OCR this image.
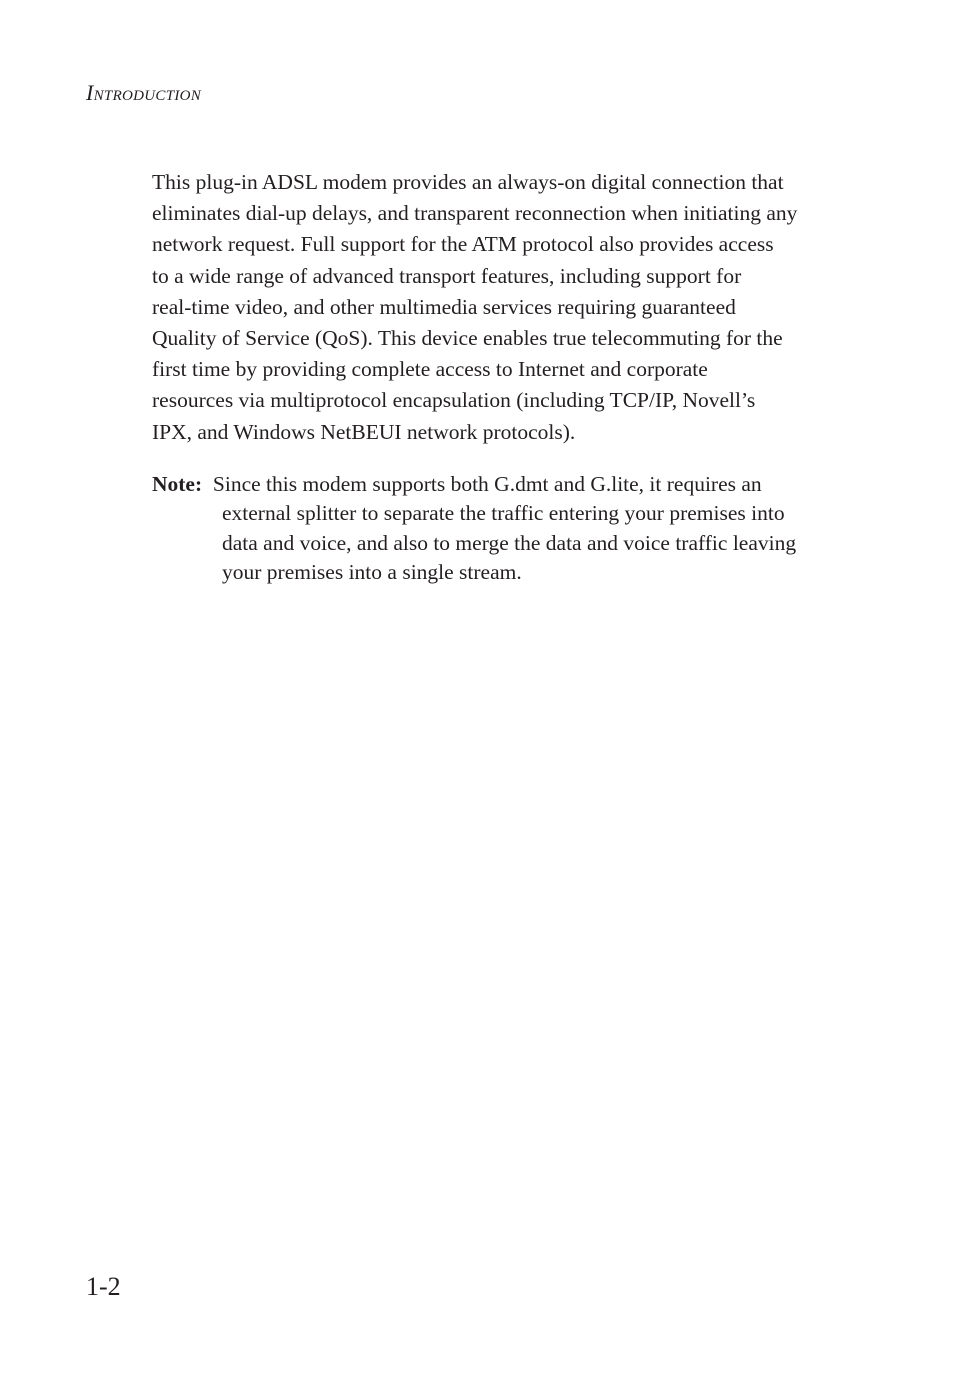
Introduction
This plug-in ADSL modem provides an always-on digital connection that
eliminates dial-up delays, and transparent reconnection when initiating any
network request. Full support for the ATM protocol also provides access
to a wide range of advanced transport features, including support for
real-time video, and other multimedia services requiring guaranteed
Quality of Service (QoS). This device enables true telecommuting for the
first time by providing complete access to Internet and corporate
resources via multiprotocol encapsulation (including TCP/IP, Novell’s
IPX, and Windows NetBEUI network protocols).
Note: Since this modem supports both G.dmt and G.lite, it requires an
external splitter to separate the traffic entering your premises into
data and voice, and also to merge the data and voice traffic leaving
your premises into a single stream.
1-2
